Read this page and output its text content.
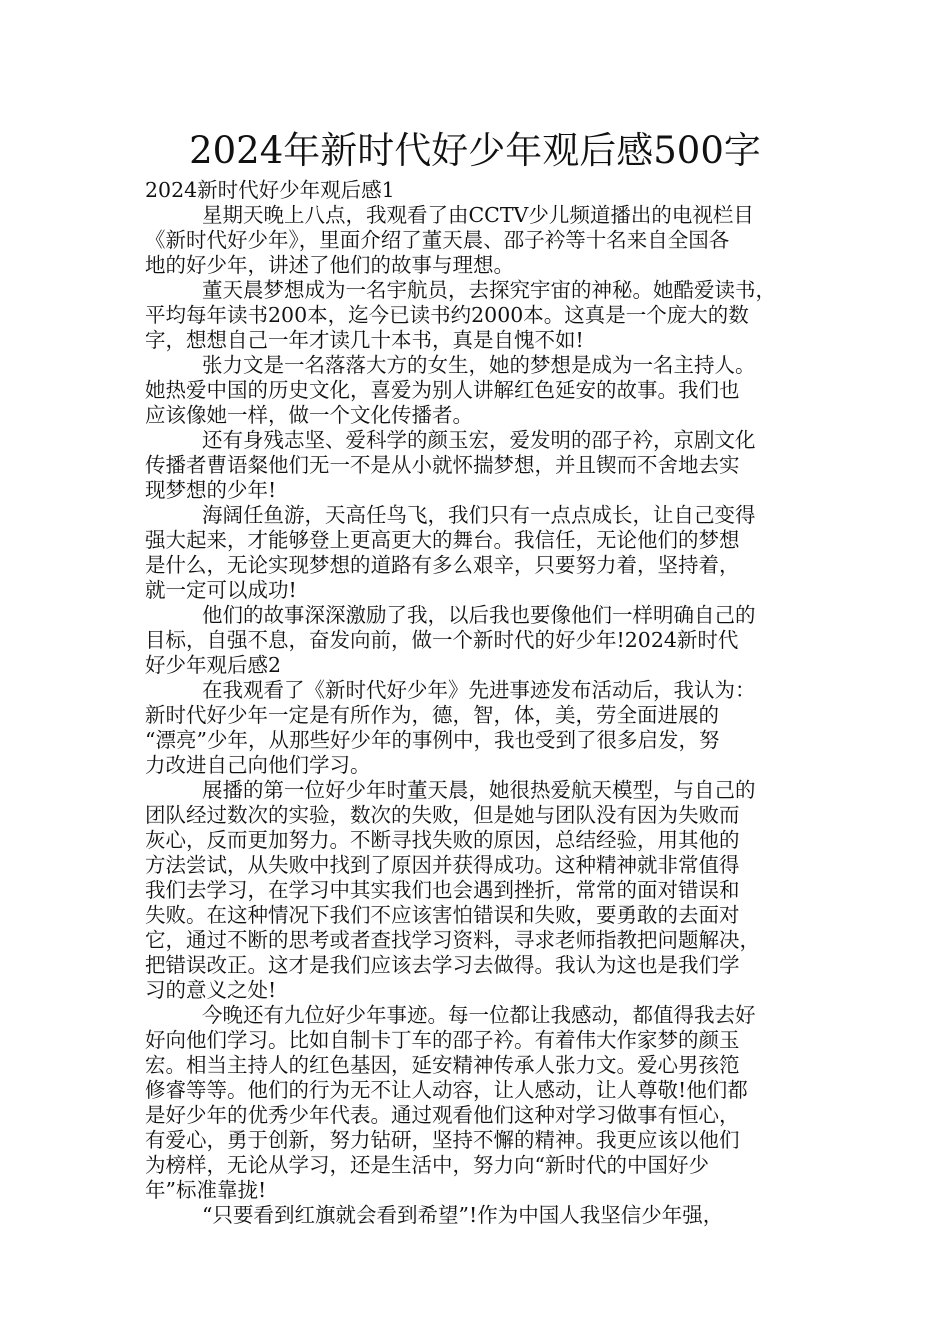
2024年新时代好少年观后感500字
2024新时代好少年观后感1
星期天晚上八点，我观看了由CCTV少儿频道播出的电视栏目
《新时代好少年》，里面介绍了董天晨、邵子衿等十名来自全国各
地的好少年，讲述了他们的故事与理想。
董天晨梦想成为一名宇航员，去探究宇宙的神秘。她酷爱读书，
平均每年读书200本，迄今已读书约2000本。这真是一个庞大的数
字，想想自己一年才读几十本书，真是自愧不如!
张力文是一名落落大方的女生，她的梦想是成为一名主持人。
她热爱中国的历史文化，喜爱为别人讲解红色延安的故事。我们也
应该像她一样，做一个文化传播者。
还有身残志坚、爱科学的颜玉宏，爱发明的邵子衿，京剧文化
传播者曹语粲他们无一不是从小就怀揣梦想，并且锲而不舍地去实
现梦想的少年!
海阔任鱼游，天高任鸟飞，我们只有一点点成长，让自己变得
强大起来，才能够登上更高更大的舞台。我信任，无论他们的梦想
是什么，无论实现梦想的道路有多么艰辛，只要努力着，坚持着，
就一定可以成功!
他们的故事深深激励了我，以后我也要像他们一样明确自己的
目标，自强不息，奋发向前，做一个新时代的好少年!2024新时代
好少年观后感2
在我观看了《新时代好少年》先进事迹发布活动后，我认为：
新时代好少年一定是有所作为，德，智，体，美，劳全面进展的
“漂亮”少年，从那些好少年的事例中，我也受到了很多启发，努
力改进自己向他们学习。
展播的第一位好少年时董天晨，她很热爱航天模型，与自己的
团队经过数次的实验，数次的失败，但是她与团队没有因为失败而
灰心，反而更加努力。不断寻找失败的原因，总结经验，用其他的
方法尝试，从失败中找到了原因并获得成功。这种精神就非常值得
我们去学习，在学习中其实我们也会遇到挫折，常常的面对错误和
失败。在这种情况下我们不应该害怕错误和失败，要勇敢的去面对
它，通过不断的思考或者查找学习资料，寻求老师指教把问题解决，
把错误改正。这才是我们应该去学习去做得。我认为这也是我们学
习的意义之处!
今晚还有九位好少年事迹。每一位都让我感动，都值得我去好
好向他们学习。比如自制卡丁车的邵子衿。有着伟大作家梦的颜玉
宏。相当主持人的红色基因，延安精神传承人张力文。爱心男孩笵
修睿等等。他们的行为无不让人动容，让人感动，让人尊敬!他们都
是好少年的优秀少年代表。通过观看他们这种对学习做事有恒心，
有爱心，勇于创新，努力钻研，坚持不懈的精神。我更应该以他们
为榜样，无论从学习，还是生活中，努力向“新时代的中国好少
年”标准靠拢!
“只要看到红旗就会看到希望”!作为中国人我坚信少年强，
